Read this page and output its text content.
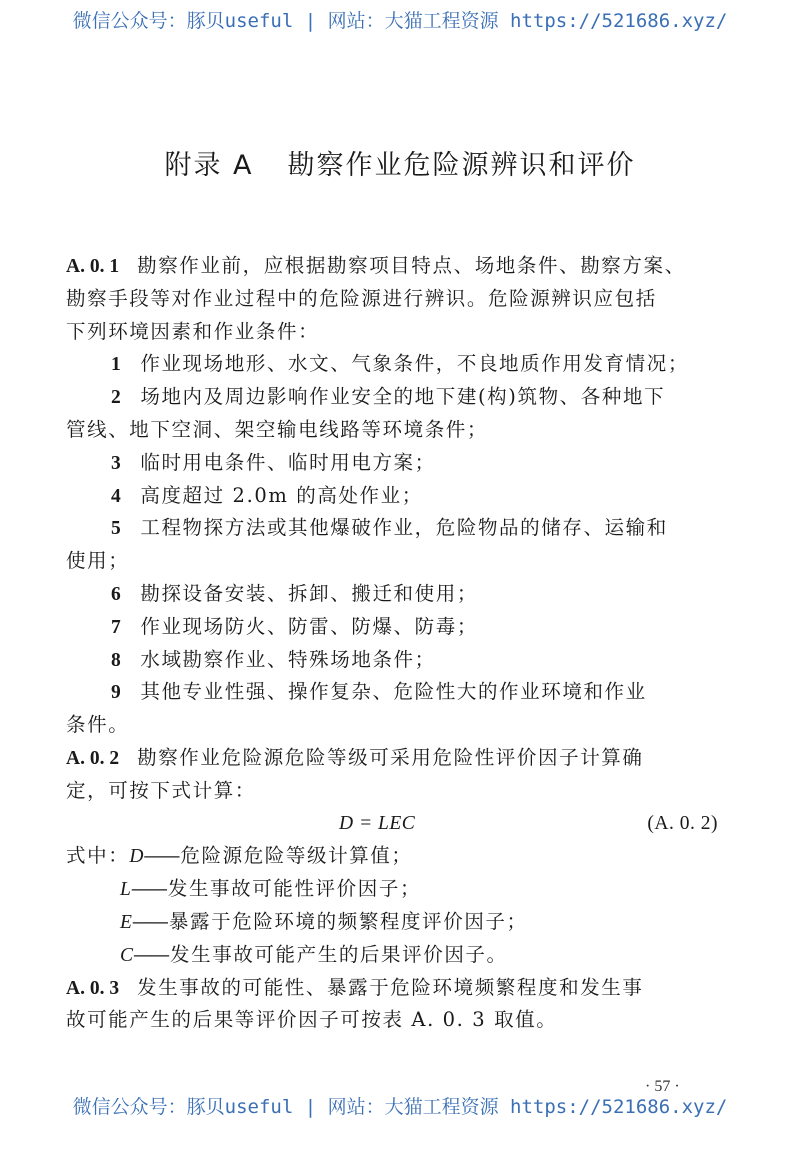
微信公众号：豚贝useful | 网站：大猫工程资源 https://521686.xyz/
附录 A 勘察作业危险源辨识和评价
A. 0. 1 勘察作业前，应根据勘察项目特点、场地条件、勘察方案、
勘察手段等对作业过程中的危险源进行辨识。危险源辨识应包括
下列环境因素和作业条件：
1 作业现场地形、水文、气象条件，不良地质作用发育情况；
2 场地内及周边影响作业安全的地下建(构)筑物、各种地下
管线、地下空洞、架空输电线路等环境条件；
3 临时用电条件、临时用电方案；
4 高度超过 2.0m 的高处作业；
5 工程物探方法或其他爆破作业，危险物品的储存、运输和
使用；
6 勘探设备安装、拆卸、搬迁和使用；
7 作业现场防火、防雷、防爆、防毒；
8 水域勘察作业、特殊场地条件；
9 其他专业性强、操作复杂、危险性大的作业环境和作业
条件。
A. 0. 2 勘察作业危险源危险等级可采用危险性评价因子计算确
定，可按下式计算：
D = LEC	(A. 0. 2)
式中：D—— 危险源危险等级计算值；
L—— 发生事故可能性评价因子；
E—— 暴露于危险环境的频繁程度评价因子；
C—— 发生事故可能产生的后果评价因子。
A. 0. 3 发生事故的可能性、暴露于危险环境频繁程度和发生事
故可能产生的后果等评价因子可按表 A. 0. 3 取值。
· 57 ·
微信公众号：豚贝useful | 网站：大猫工程资源 https://521686.xyz/
